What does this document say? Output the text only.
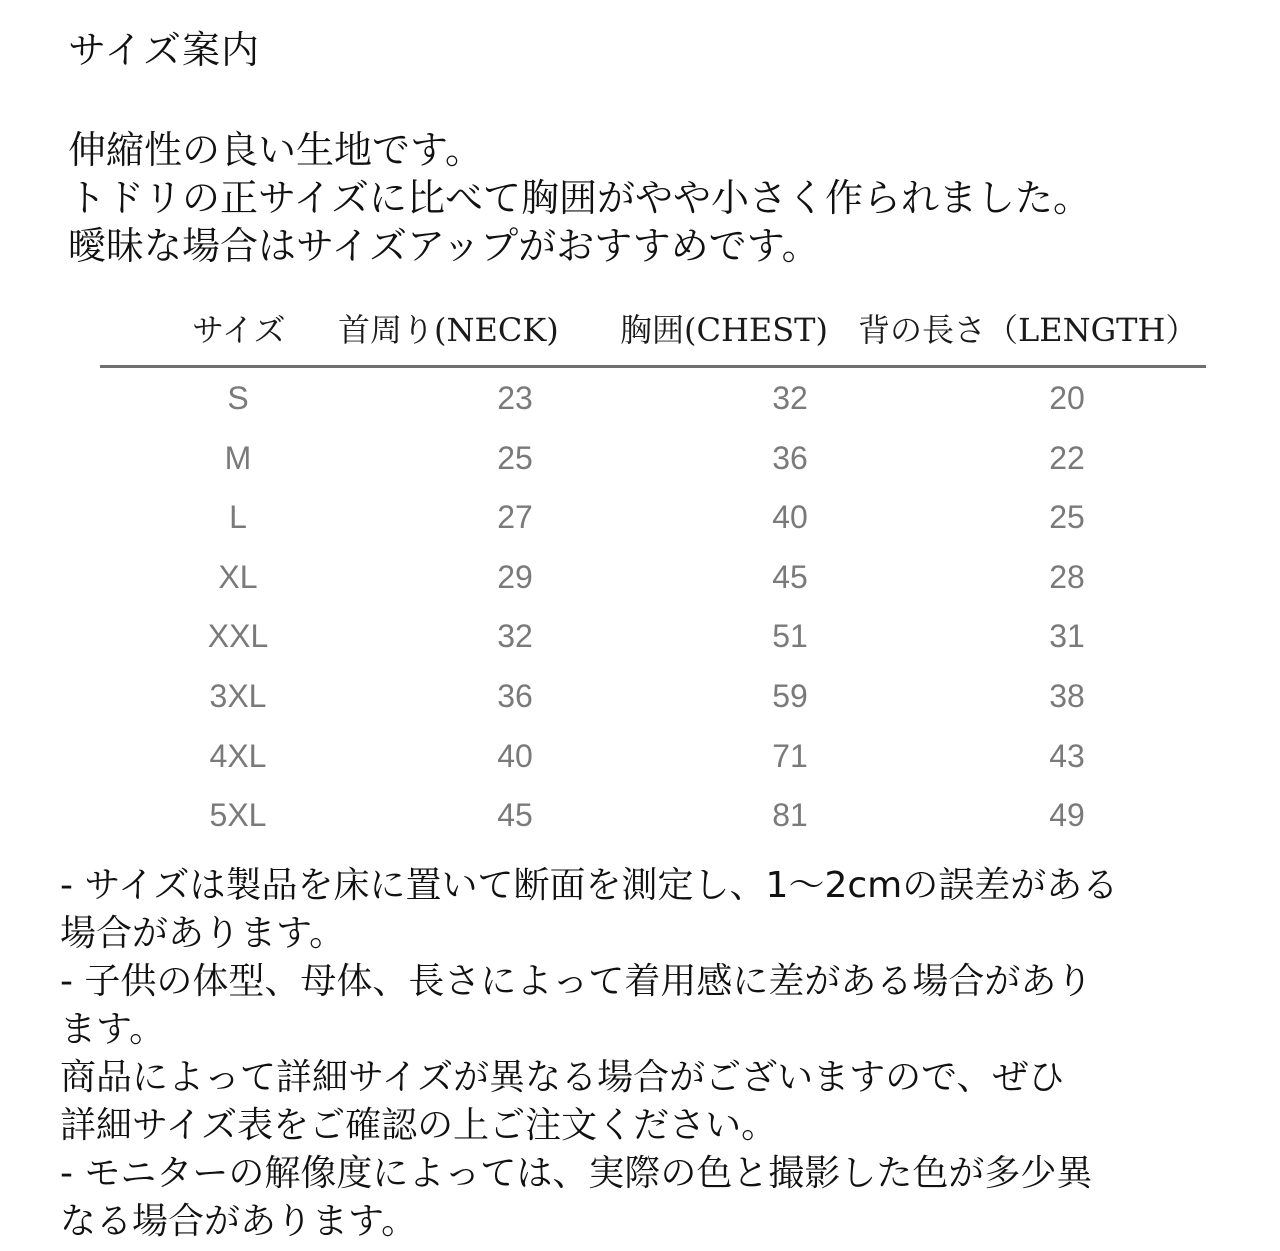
サイズ案内
伸縮性の良い生地です。
トドリの正サイズに比べて胸囲がやや小さく作られました。
曖昧な場合はサイズアップがおすすめです。
サイズ 首周り(NECK) 胸囲(CHEST) 背の長さ（LENGTH）
S	23	32	20
M	25	36	22
L	27	40	25
XL	29	45	28
XXL	32	51	31
3XL	36	59	38
4XL	40	71	43
5XL	45	81	49
- サイズは製品を床に置いて断面を測定し、1～2cmの誤差がある
場合があります。
- 子供の体型、母体、長さによって着用感に差がある場合があり
ます。
商品によって詳細サイズが異なる場合がございますので、ぜひ
詳細サイズ表をご確認の上ご注文ください。
- モニターの解像度によっては、実際の色と撮影した色が多少異
なる場合があります。
